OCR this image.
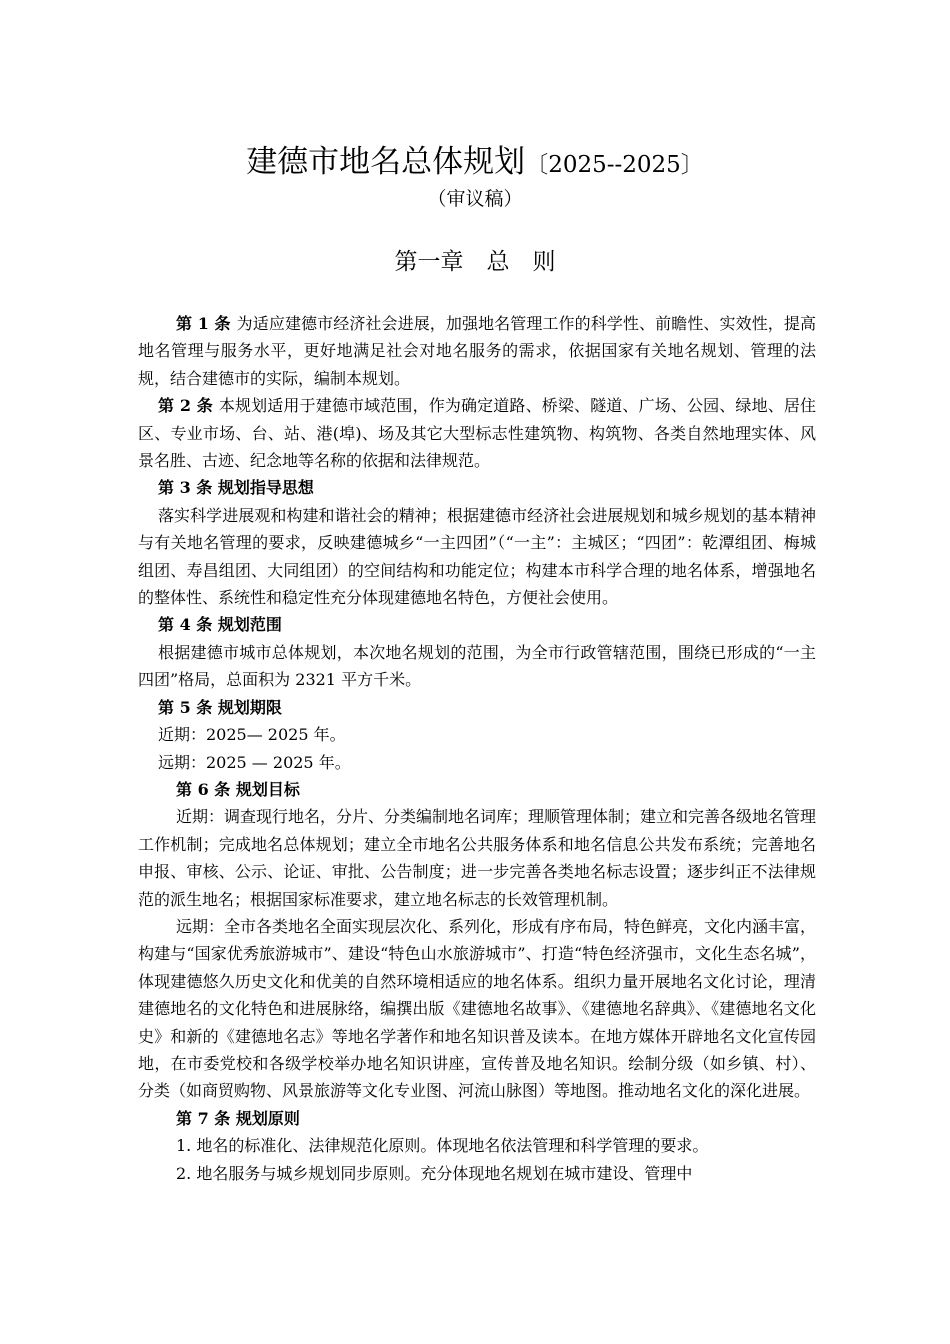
建德市地名总体规划〔2025--2025〕
（审议稿）
第一章　总　则

第 1 条 为适应建德市经济社会进展，加强地名管理工作的科学性、前瞻性、实效性，提高地名管理与服务水平，更好地满足社会对地名服务的需求，依据国家有关地名规划、管理的法规，结合建德市的实际，编制本规划。

第 2 条 本规划适用于建德市域范围，作为确定道路、桥梁、隧道、广场、公园、绿地、居住区、专业市场、台、站、港(埠)、场及其它大型标志性建筑物、构筑物、各类自然地理实体、风景名胜、古迹、纪念地等名称的依据和法律规范。

第 3 条 规划指导思想

落实科学进展观和构建和谐社会的精神；根据建德市经济社会进展规划和城乡规划的基本精神与有关地名管理的要求，反映建德城乡“一主四团”（“一主”：主城区；“四团”：乾潭组团、梅城组团、寿昌组团、大同组团）的空间结构和功能定位；构建本市科学合理的地名体系，增强地名的整体性、系统性和稳定性充分体现建德地名特色，方便社会使用。

第 4 条 规划范围

根据建德市城市总体规划，本次地名规划的范围，为全市行政管辖范围，围绕已形成的“一主四团”格局，总面积为 2321 平方千米。

第 5 条 规划期限

近期：2025— 2025 年。

远期：2025 — 2025 年。

第 6 条 规划目标

近期：调查现行地名，分片、分类编制地名词库；理顺管理体制；建立和完善各级地名管理工作机制；完成地名总体规划；建立全市地名公共服务体系和地名信息公共发布系统；完善地名申报、审核、公示、论证、审批、公告制度；进一步完善各类地名标志设置；逐步纠正不法律规范的派生地名；根据国家标准要求，建立地名标志的长效管理机制。

远期：全市各类地名全面实现层次化、系列化，形成有序布局，特色鲜亮，文化内涵丰富，构建与“国家优秀旅游城市”、建设“特色山水旅游城市”、打造“特色经济强市，文化生态名城”，体现建德悠久历史文化和优美的自然环境相适应的地名体系。组织力量开展地名文化讨论，理清建德地名的文化特色和进展脉络，编撰出版《建德地名故事》、《建德地名辞典》、《建德地名文化史》和新的《建德地名志》等地名学著作和地名知识普及读本。在地方媒体开辟地名文化宣传园地，在市委党校和各级学校举办地名知识讲座，宣传普及地名知识。绘制分级（如乡镇、村）、分类（如商贸购物、风景旅游等文化专业图、河流山脉图）等地图。推动地名文化的深化进展。

第 7 条 规划原则

1. 地名的标准化、法律规范化原则。体现地名依法管理和科学管理的要求。

2. 地名服务与城乡规划同步原则。充分体现地名规划在城市建设、管理中
